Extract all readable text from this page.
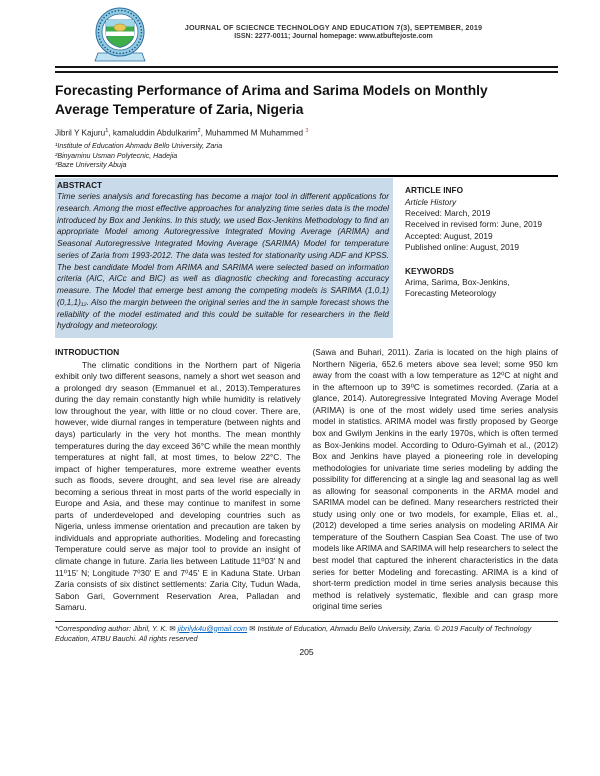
JOURNAL OF SCIECNCE TECHNOLOGY AND EDUCATION 7(3), SEPTEMBER, 2019
ISSN: 2277-0011; Journal homepage: www.atbuftejoste.com
Forecasting Performance of Arima and Sarima Models on Monthly Average Temperature of Zaria, Nigeria
Jibril Y Kajuru$^1$, kamaluddin Abdulkarim$^2$, Muhammed M Muhammed $^3$
¹Institute of Education Ahmadu Bello University, Zaria
²Binyaminu Usman Polytecnic, Hadejia
³Baze University Abuja
ABSTRACT
Time series analysis and forecasting has become a major tool in different applications for research. Among the most effective approaches for analyzing time series data is the model introduced by Box and Jenkins. In this study, we used Box-Jenkins Methodology to find an appropriate Model among Autoregressive Integrated Moving Average (ARIMA) and Seasonal Autoregressive Integrated Moving Average (SARIMA) Model for temperature series of Zaria from 1993-2012. The data was tested for stationarity using ADF and KPSS. The best candidate Model from ARIMA and SARIMA were selected based on information criteria (AIC, AICc and BIC) as well as diagnostic checking and forecasting accuracy measure. The Model that emerge best among the competing models is SARIMA (1,0,1)(0,1,1)₁₂. Also the margin between the original series and the in sample forecast shows the reliability of the model estimated and this could be suitable for researchers in the field hydrology and meteorology.
ARTICLE INFO
Article History
Received: March, 2019
Received in revised form: June, 2019
Accepted: August, 2019
Published online: August, 2019
KEYWORDS
Arima, Sarima, Box-Jenkins, Forecasting Meteorology
INTRODUCTION

The climatic conditions in the Northern part of Nigeria exhibit only two different seasons, namely a short wet season and a prolonged dry season (Emmanuel et al., 2013).Temperatures during the day remain constantly high while humidity is relatively low throughout the year, with little or no cloud cover. There are, however, wide diurnal ranges in temperature (between nights and days) particularly in the very hot months. The mean monthly temperatures during the day exceed 36°C while the mean monthly temperatures at night fall, at most times, to below 22°C. The impact of higher temperatures, more extreme weather events such as floods, severe drought, and sea level rise are already becoming a serious threat in most parts of the world especially in Europe and Asia, and these may continue to manifest in some parts of underdeveloped and developing countries such as Nigeria, unless immense orientation and precaution are taken by individuals and appropriate authorities. Modeling and forecasting Temperature could serve as major tool to provide an insight of climate change in future. Zaria lies between Latitude 11⁰03' N and 11⁰15' N; Longitude 7⁰30' E and 7⁰45' E in Kaduna State. Urban Zaria consists of six distinct settlements: Zaria City, Tudun Wada, Sabon Gari, Government Reservation Area, Palladan and Samaru.

(Sawa and Buhari, 2011). Zaria is located on the high plains of Northern Nigeria, 652.6 meters above sea level; some 950 km away from the coast with a low temperature as 12⁰C at night and in the afternoon up to 39⁰C is sometimes recorded. (Zaria at a glance, 2014). Autoregressive Integrated Moving Average Model (ARIMA) is one of the most widely used time series analysis model in statistics. ARIMA model was firstly proposed by George box and Gwilym Jenkins in the early 1970s, which is often termed as Box-Jenkins model. According to Oduro-Gyimah et al., (2012) Box and Jenkins have played a pioneering role in developing methodologies for univariate time series modeling by adding the possibility for differencing at a single lag and seasonal lag as well as allowing for seasonal components in the ARMA model and SARIMA model can be defined. Many researchers restricted their study using only one or two models, for example, Elias et. al., (2012) developed a time series analysis on modeling ARIMA Air temperature of the Southern Caspian Sea Coast. The use of two models like ARIMA and SARIMA will help researchers to select the best model that captured the inherent characteristics in the data series for better Modeling and forecasting. ARIMA is a kind of short-term prediction model in time series analysis because this method is relatively systematic, flexible and can grasp more original time series

*Corresponding author: Jibril, Y. K. ✉ jibrilyk4u@gmail.com ✉ Institute of Education, Ahmadu Bello University, Zaria. © 2019 Faculty of Technology Education, ATBU Bauchi. All rights reserved
205
